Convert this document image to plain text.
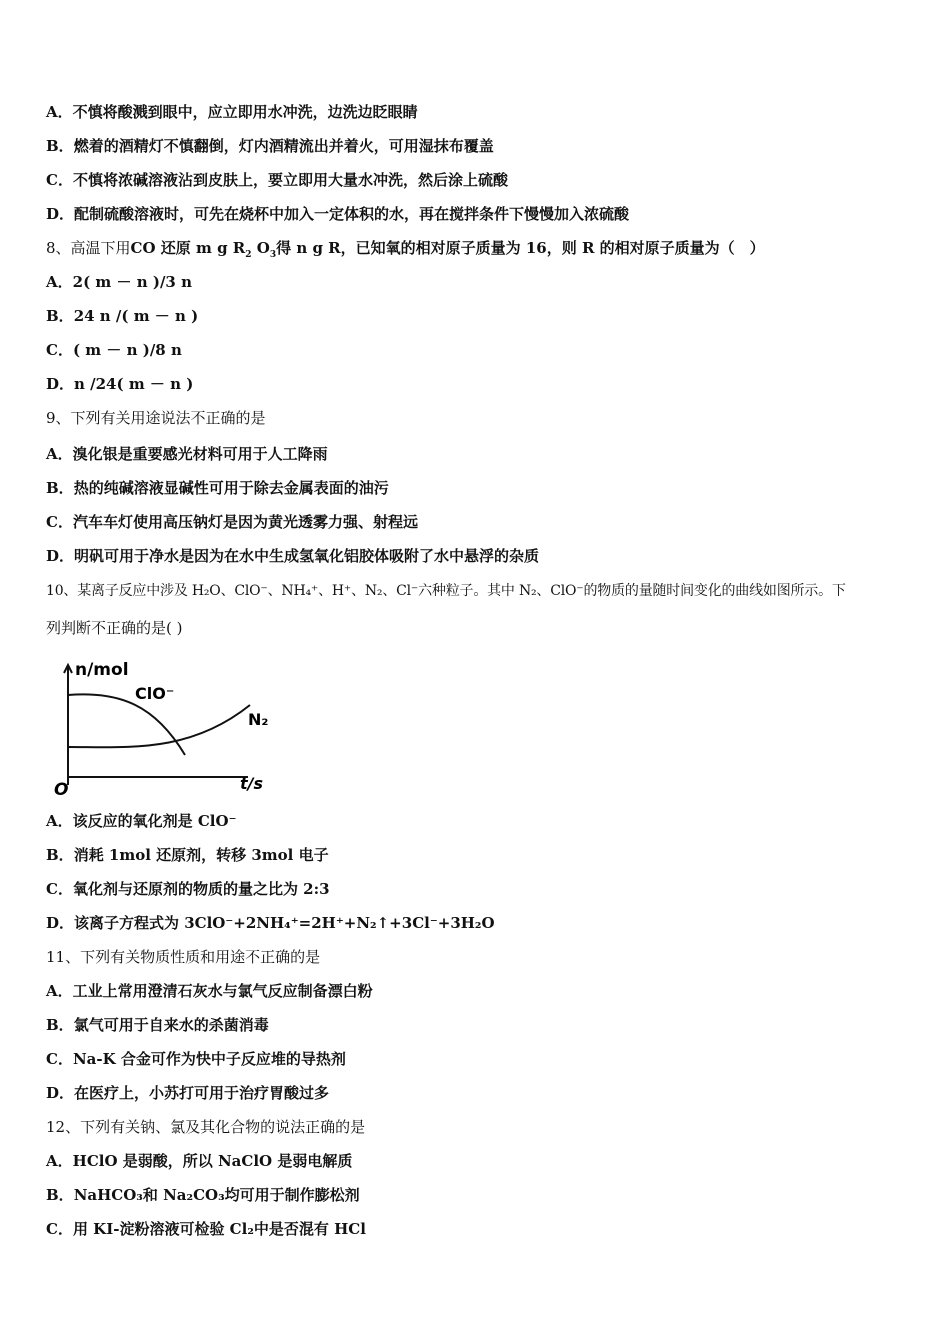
A．不慎将酸溅到眼中，应立即用水冲洗，边洗边眨眼睛
B．燃着的酒精灯不慎翻倒，灯内酒精流出并着火，可用湿抹布覆盖
C．不慎将浓碱溶液沾到皮肤上，要立即用大量水冲洗，然后涂上硫酸
D．配制硫酸溶液时，可先在烧杯中加入一定体积的水，再在搅拌条件下慢慢加入浓硫酸
8、高温下用CO 还原 m g $R_2$ $O_3$得 n g R，已知氧的相对原子质量为 16，则 R 的相对原子质量为（　）
A．2( m － n )/3 n
B．24 n /( m － n )
C．( m － n )/8 n
D．n /24( m － n )
9、下列有关用途说法不正确的是
A．溴化银是重要感光材料可用于人工降雨
B．热的纯碱溶液显碱性可用于除去金属表面的油污
C．汽车车灯使用高压钠灯是因为黄光透雾力强、射程远
D．明矾可用于净水是因为在水中生成氢氧化铝胶体吸附了水中悬浮的杂质
10、某离子反应中涉及 H₂O、ClO⁻、NH₄⁺、H⁺、N₂、Cl⁻六种粒子。其中 N₂、ClO⁻的物质的量随时间变化的曲线如图所示。下
列判断不正确的是( )
n/mol
ClO⁻
N₂
O	t/s
A．该反应的氧化剂是 ClO⁻
B．消耗 1mol 还原剂，转移 3mol 电子
C．氧化剂与还原剂的物质的量之比为 2:3
D．该离子方程式为 3ClO⁻+2NH₄⁺=2H⁺+N₂↑+3Cl⁻+3H₂O
11、下列有关物质性质和用途不正确的是
A．工业上常用澄清石灰水与氯气反应制备漂白粉
B．氯气可用于自来水的杀菌消毒
C．Na-K 合金可作为快中子反应堆的导热剂
D．在医疗上，小苏打可用于治疗胃酸过多
12、下列有关钠、氯及其化合物的说法正确的是
A．HClO 是弱酸，所以 NaClO 是弱电解质
B．NaHCO₃和 Na₂CO₃均可用于制作膨松剂
C．用 KI-淀粉溶液可检验 Cl₂中是否混有 HCl
